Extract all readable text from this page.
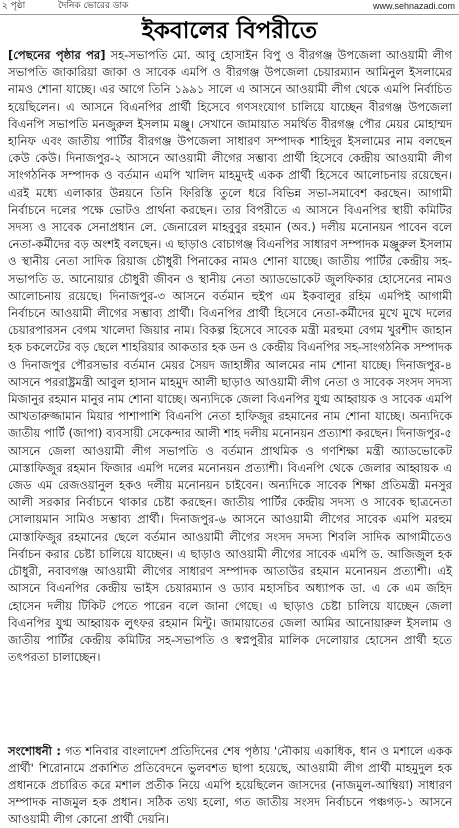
২ পৃষ্ঠা	দৈনিক ভোরের ডাক	www.sehnazadi.com
ইকবালের বিপরীতে
[পেছনের পৃষ্ঠার পর] সহ-সভাপতি মো. আবু হোসাইন বিপু ও বীরগঞ্জ উপজেলা আওয়ামী লীগ সভাপতি জাকারিয়া জাকা ও সাবেক এমপি ও বীরগঞ্জ উপজেলা চেয়ারম্যান আমিনুল ইসলামের নামও শোনা যাচ্ছে। এর আগে তিনি ১৯৯১ সালে এ আসনে আওয়ামী লীগ থেকে এমপি নির্বাচিত হয়েছিলেন। এ আসনে বিএনপির প্রার্থী হিসেবে গণসংযোগ চালিয়ে যাচ্ছেন বীরগঞ্জ উপজেলা বিএনপি সভাপতি মনজুরুল ইসলাম মঞ্জু। সেখানে জামায়াত সমর্থিত বীরগঞ্জ পৌর মেয়র মোহাম্মদ হানিফ এবং জাতীয় পার্টির বীরগঞ্জ উপজেলা সাধারণ সম্পাদক শাহিদুর ইসলামের নাম বলছেন কেউ কেউ। দিনাজপুর-২ আসনে আওয়ামী লীগের সম্ভাব্য প্রার্থী হিসেবে কেন্দ্রীয় আওয়ামী লীগ সাংগঠনিক সম্পাদক ও বর্তমান এমপি খালিদ মাহমুদই একক প্রার্থী হিসেবে আলোচনায় রয়েছেন। এরই মধ্যে এলাকার উন্নয়নে তিনি ফিরিস্তি তুলে ধরে বিভিন্ন সভা-সমাবেশ করছেন। আগামী নির্বাচনে দলের পক্ষে ভোটও প্রার্থনা করছেন। তার বিপরীতে এ আসনে বিএনপির স্থায়ী কমিটির সদস্য ও সাবেক সেনাপ্রধান লে. জেনারেল মাহবুবুর রহমান (অব.) দলীয় মনোনয়ন পাবেন বলে নেতা-কর্মীদের বড় অংশই বলছেন। এ ছাড়াও বোচাগঞ্জ বিএনপির সাধারণ সম্পাদক মঞ্জুরুল ইসলাম ও স্থানীয় নেতা সাদিক রিয়াজ চৌধুরী পিনাকের নামও শোনা যাচ্ছে। জাতীয় পার্টির কেন্দ্রীয় সহ-সভাপতি ড. আনোয়ার চৌধুরী জীবন ও স্থানীয় নেতা অ্যাডভোকেট জুলফিকার হোসেনের নামও আলোচনায় রয়েছে। দিনাজপুর-৩ আসনে বর্তমান হুইপ এম ইকবালুর রহিম এমপিই আগামী নির্বাচনে আওয়ামী লীগের সম্ভাব্য প্রার্থী। বিএনপির প্রার্থী হিসেবে নেতা-কর্মীদের মুখে মুখে দলের চেয়ারপারসন বেগম খালেদা জিয়ার নাম। বিকল্প হিসেবে সাবেক মন্ত্রী মরহুমা বেগম খুরশীদ জাহান হক চকলেটের বড় ছেলে শাহরিয়ার আকতার হক ডন ও কেন্দ্রীয় বিএনপির সহ-সাংগঠনিক সম্পাদক ও দিনাজপুর পৌরসভার বর্তমান মেয়র সৈয়দ জাহাঙ্গীর আলমের নাম শোনা যাচ্ছে। দিনাজপুর-৪ আসনে পররাষ্ট্রমন্ত্রী আবুল হাসান মাহমুদ আলী ছাড়াও আওয়ামী লীগ নেতা ও সাবেক সংসদ সদস্য মিজানুর রহমান মানুর নাম শোনা যাচ্ছে। অন্যদিকে জেলা বিএনপির যুগ্ম আহ্বায়ক ও সাবেক এমপি আখতারুজ্জামান মিয়ার পাশাপাশি বিএনপি নেতা হাফিজুর রহমানের নাম শোনা যাচ্ছে। অন্যদিকে জাতীয় পার্টি (জাপা) ব্যবসায়ী সেকেন্দার আলী শাহ দলীয় মনোনয়ন প্রত্যাশা করছেন। দিনাজপুর-৫ আসনে জেলা আওয়ামী লীগ সভাপতি ও বর্তমান প্রাথমিক ও গণশিক্ষা মন্ত্রী অ্যাডভোকেট মোস্তাফিজুর রহমান ফিজার এমপি দলের মনোনয়ন প্রত্যাশী। বিএনপি থেকে জেলার আহ্বায়ক এ জেড এম রেজওয়ানুল হকও দলীয় মনোনয়ন চাইবেন। অন্যদিকে সাবেক শিক্ষা প্রতিমন্ত্রী মনসুর আলী সরকার নির্বাচনে থাকার চেষ্টা করছেন। জাতীয় পার্টির কেন্দ্রীয় সদস্য ও সাবেক ছাত্রনেতা সোলায়মান সামিও সম্ভাব্য প্রার্থী। দিনাজপুর-৬ আসনে আওয়ামী লীগের সাবেক এমপি মরহুম মোস্তাফিজুর রহমানের ছেলে বর্তমান আওয়ামী লীগের সংসদ সদস্য শিবলি সাদিক আগামীতেও নির্বাচন করার চেষ্টা চালিয়ে যাচ্ছেন। এ ছাড়াও আওয়ামী লীগের সাবেক এমপি ড. আজিজুল হক চৌধুরী, নবাবগঞ্জ আওয়ামী লীগের সাধারণ সম্পাদক আতাউর রহমান মনোনয়ন প্রত্যাশী। এই আসনে বিএনপির কেন্দ্রীয় ভাইস চেয়ারম্যান ও ড্যাব মহাসচিব অধ্যাপক ডা. এ কে এম জহিদ হোসেন দলীয় টিকিট পেতে পারেন বলে জানা গেছে। এ ছাড়াও চেষ্টা চালিয়ে যাচ্ছেন জেলা বিএনপির যুগ্ম আহ্বায়ক লুৎফর রহমান মিন্টু। জামায়াতের জেলা আমির আনোয়ারুল ইসলাম ও জাতীয় পার্টির কেন্দ্রীয় কমিটির সহ-সভাপতি ও স্বপ্নপুরীর মালিক দেলোয়ার হোসেন প্রার্থী হতে তৎপরতা চালাচ্ছেন।
সংশোধনী : গত শনিবার বাংলাদেশ প্রতিদিনের শেষ পৃষ্ঠায় 'নৌকায় একাধিক, ধান ও মশালে একক প্রার্থী' শিরোনামে প্রকাশিত প্রতিবেদনে ভুলবশত ছাপা হয়েছে, আওয়ামী লীগ প্রার্থী মাহমুদুল হক প্রধানকে প্রচারিত করে মশাল প্রতীক নিয়ে এমপি হয়েছিলেন জাসদের (নাজমুল-আম্বিয়া) সাধারণ সম্পাদক নাজমুল হক প্রধান। সঠিক তথ্য হলো, গত জাতীয় সংসদ নির্বাচনে পঞ্চগড়-১ আসনে আওয়ামী লীগ কোনো প্রার্থী দেয়নি।
